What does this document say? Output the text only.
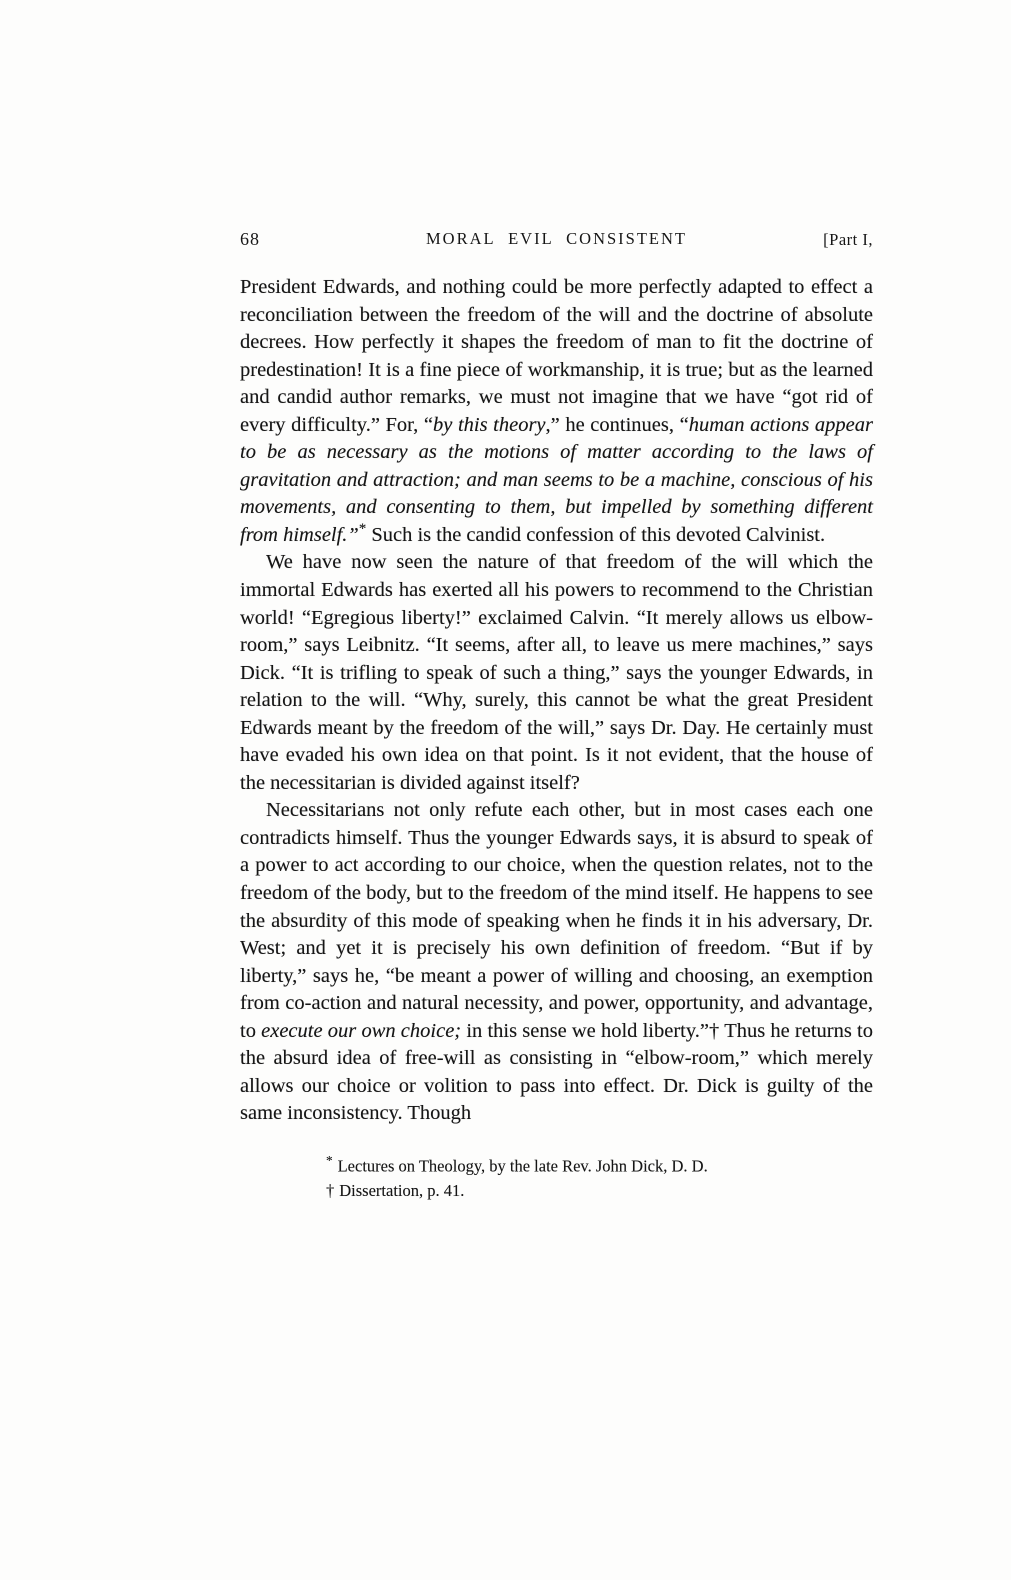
68	MORAL EVIL CONSISTENT	[Part I,

President Edwards, and nothing could be more perfectly adapted to effect a reconciliation between the freedom of the will and the doctrine of absolute decrees. How perfectly it shapes the freedom of man to fit the doctrine of predestination! It is a fine piece of workmanship, it is true; but as the learned and candid author remarks, we must not imagine that we have “got rid of every difficulty.” For, “by this theory,” he continues, “human actions appear to be as necessary as the motions of matter according to the laws of gravitation and attraction; and man seems to be a machine, conscious of his movements, and consenting to them, but impelled by something different from himself.”* Such is the candid confession of this devoted Calvinist.

We have now seen the nature of that freedom of the will which the immortal Edwards has exerted all his powers to recommend to the Christian world! “Egregious liberty!” exclaimed Calvin. “It merely allows us elbow-room,” says Leibnitz. “It seems, after all, to leave us mere machines,” says Dick. “It is trifling to speak of such a thing,” says the younger Edwards, in relation to the will. “Why, surely, this cannot be what the great President Edwards meant by the freedom of the will,” says Dr. Day. He certainly must have evaded his own idea on that point. Is it not evident, that the house of the necessitarian is divided against itself?

Necessitarians not only refute each other, but in most cases each one contradicts himself. Thus the younger Edwards says, it is absurd to speak of a power to act according to our choice, when the question relates, not to the freedom of the body, but to the freedom of the mind itself. He happens to see the absurdity of this mode of speaking when he finds it in his adversary, Dr. West; and yet it is precisely his own definition of freedom. “But if by liberty,” says he, “be meant a power of willing and choosing, an exemption from co-action and natural necessity, and power, opportunity, and advantage, to execute our own choice; in this sense we hold liberty.”† Thus he returns to the absurd idea of free-will as consisting in “elbow-room,” which merely allows our choice or volition to pass into effect. Dr. Dick is guilty of the same inconsistency. Though

* Lectures on Theology, by the late Rev. John Dick, D. D.
† Dissertation, p. 41.
